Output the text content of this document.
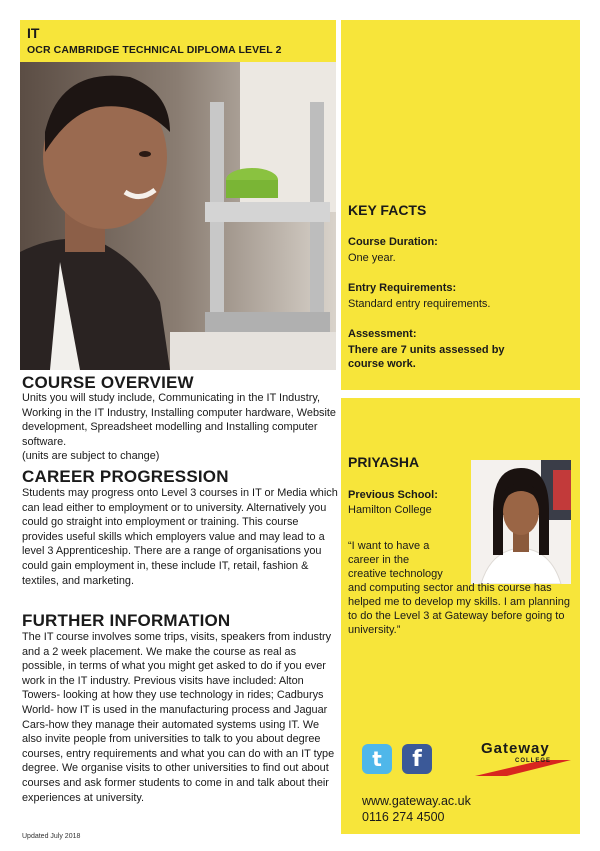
IT
OCR CAMBRIDGE TECHNICAL DIPLOMA LEVEL 2
KEY FACTS
Course Duration:
One year.
Entry Requirements:
Standard entry requirements.
Assessment:
There are 7 units assessed by course work.
PRIYASHA
Previous School:
Hamilton College
“I want to have a
career in the
creative technology
and computing sector and this course has helped me to develop my skills. I am planning to do the Level 3 at Gateway before going to university.”
t f	Gateway
COLLEGE
www.gateway.ac.uk
0116 274 4500
COURSE OVERVIEW
Units you will study include, Communicating in the IT Industry, Working in the IT Industry, Installing computer hardware, Website development, Spreadsheet modelling and Installing computer software.
(units are subject to change)
CAREER PROGRESSION
Students may progress onto Level 3 courses in IT or Media which can lead either to employment or to university. Alternatively you could go straight into employment or training. This course provides useful skills which employers value and may lead to a level 3 Apprenticeship. There are a range of organisations you could gain employment in, these include IT, retail, fashion & textiles, and marketing.
FURTHER INFORMATION
The IT course involves some trips, visits, speakers from industry and a 2 week placement. We make the course as real as possible, in terms of what you might get asked to do if you ever work in the IT industry. Previous visits have included: Alton Towers- looking at how they use technology in rides; Cadburys World- how IT is used in the manufacturing process and Jaguar Cars-how they manage their automated systems using IT. We also invite people from universities to talk to you about degree courses, entry requirements and what you can do with an IT type degree. We organise visits to other universities to find out about courses and ask former students to come in and talk about their experiences at university.
Updated July 2018
